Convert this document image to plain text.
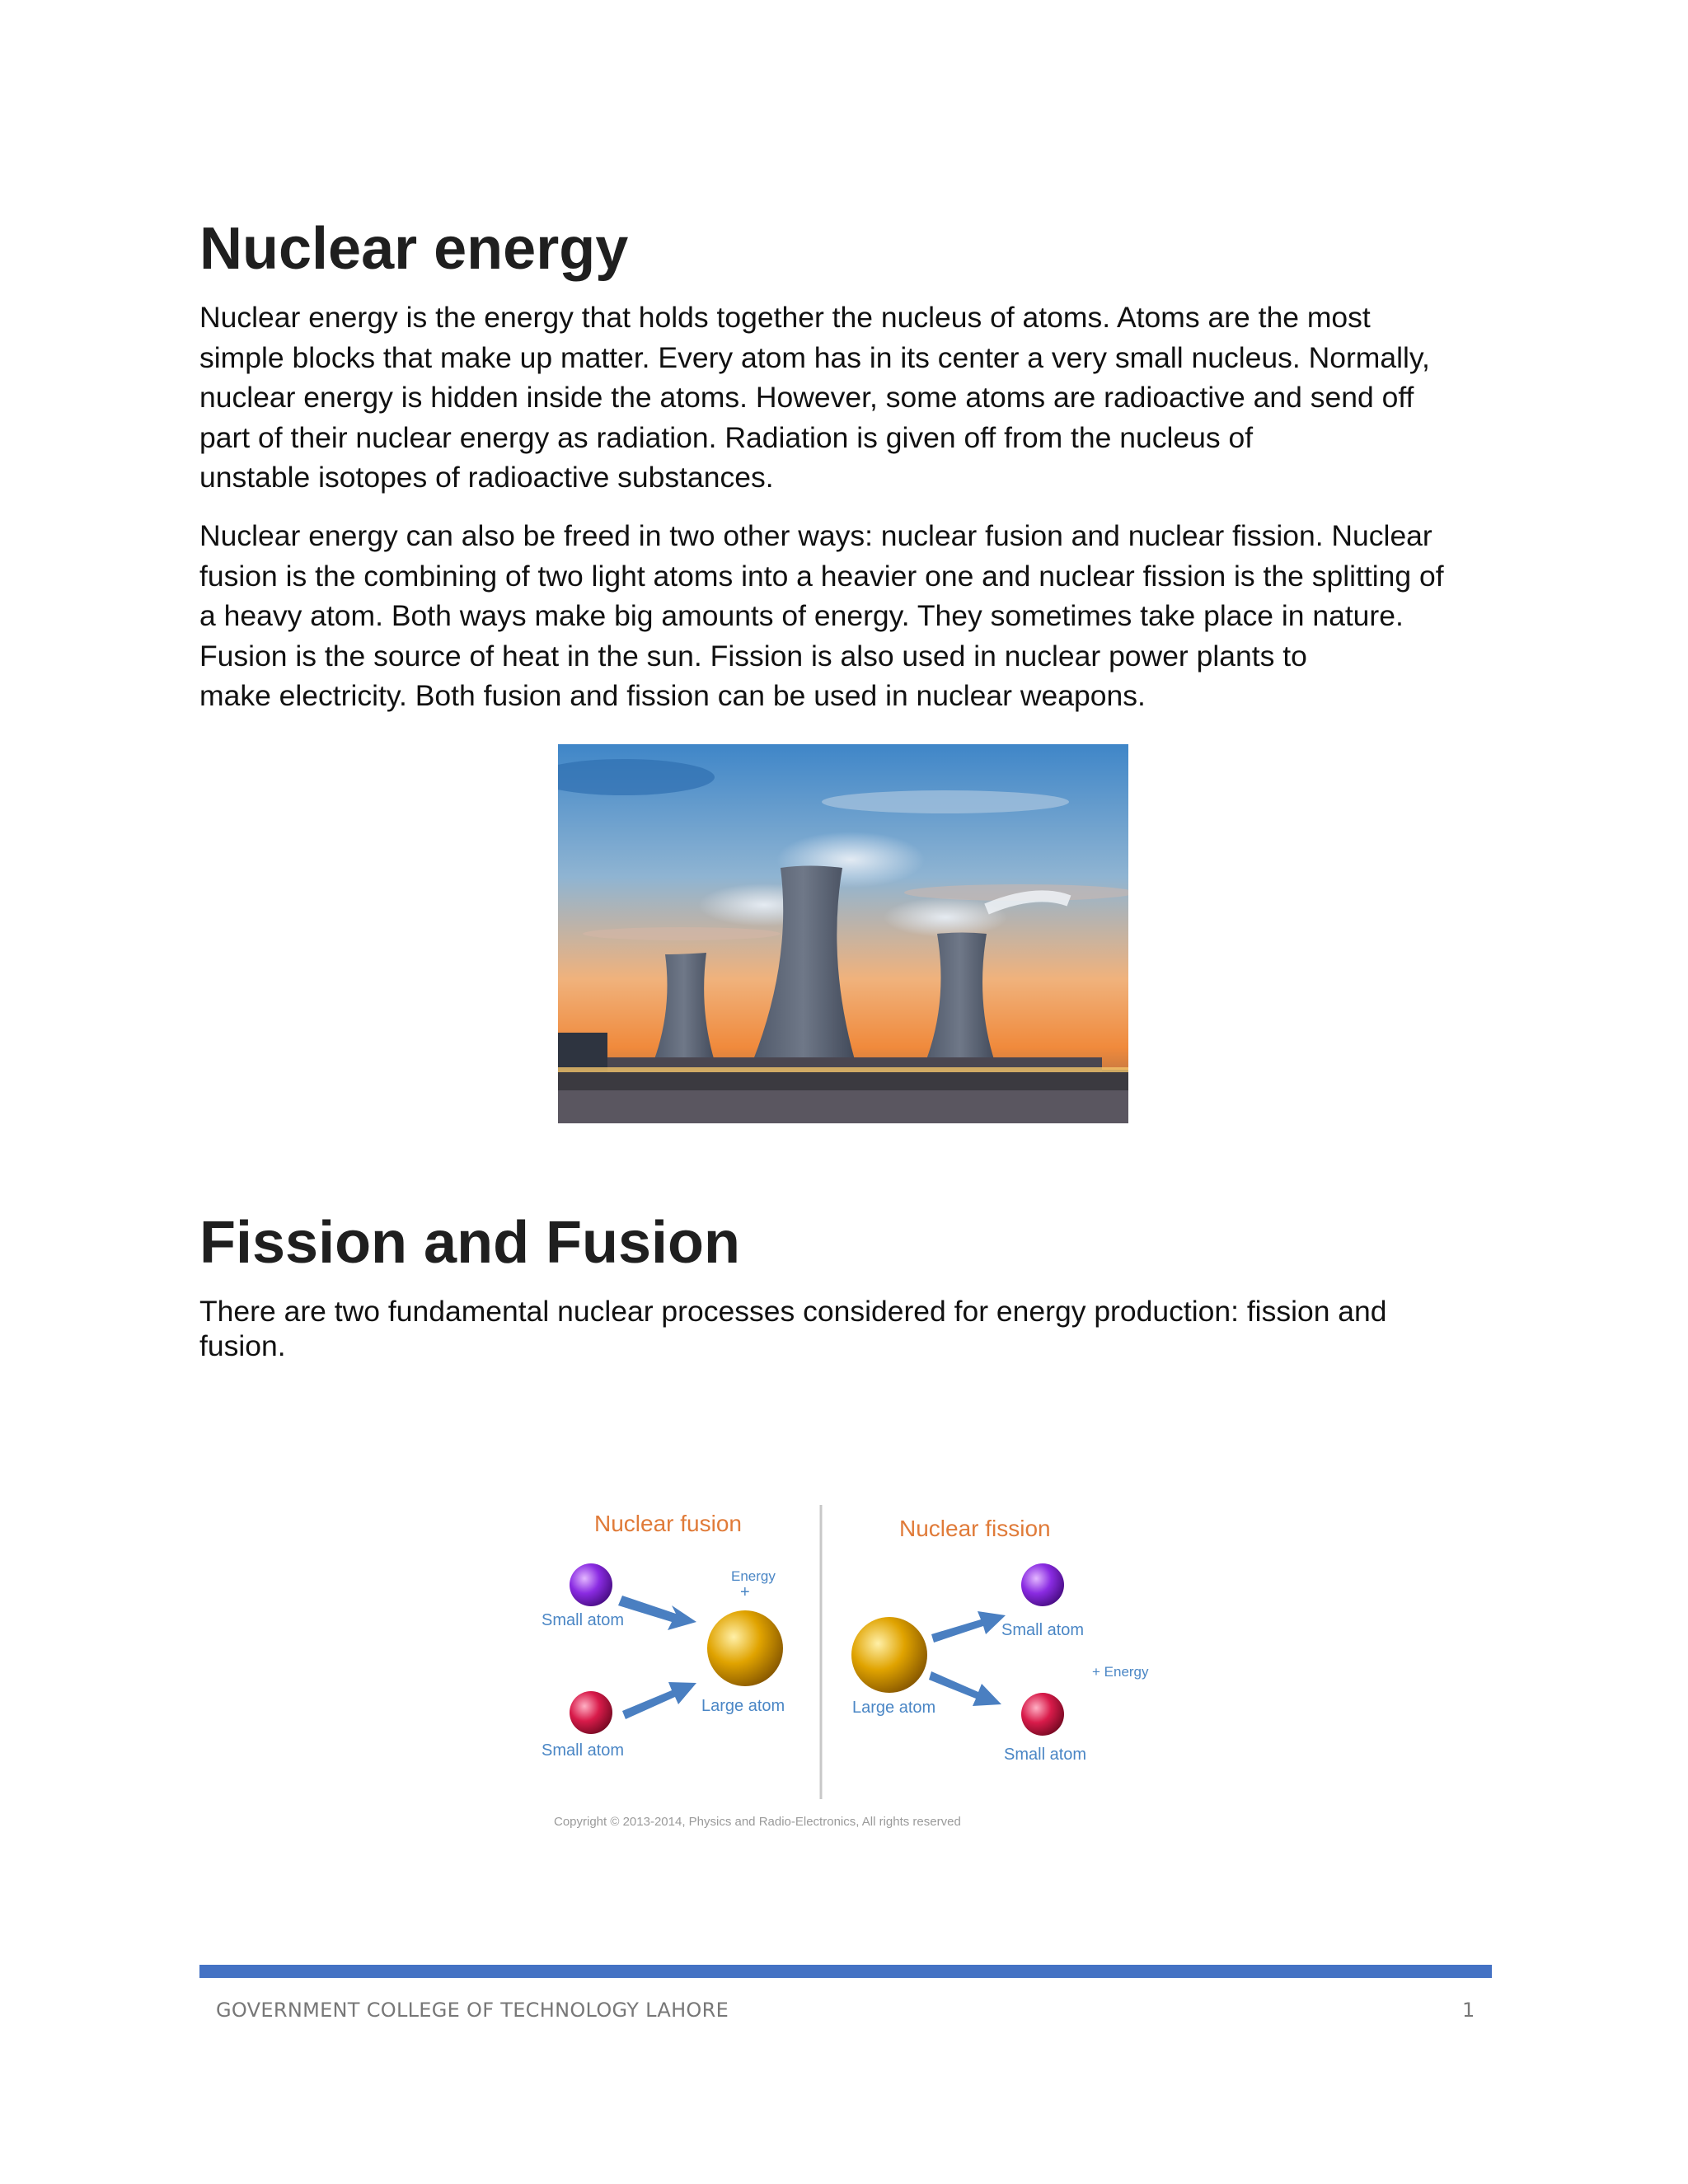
Nuclear energy

Nuclear energy is the energy that holds together the nucleus of atoms. Atoms are the most
simple blocks that make up matter. Every atom has in its center a very small nucleus. Normally,
nuclear energy is hidden inside the atoms. However, some atoms are radioactive and send off
part of their nuclear energy as radiation. Radiation is given off from the nucleus of
unstable isotopes of radioactive substances.

Nuclear energy can also be freed in two other ways: nuclear fusion and nuclear fission. Nuclear
fusion is the combining of two light atoms into a heavier one and nuclear fission is the splitting of
a heavy atom. Both ways make big amounts of energy. They sometimes take place in nature.
Fusion is the source of heat in the sun. Fission is also used in nuclear power plants to
make electricity. Both fusion and fission can be used in nuclear weapons.

Fission and Fusion

There are two fundamental nuclear processes considered for energy production: fission and
fusion.

Nuclear fusion
Energy
+
Small atom
Small atom
Large atom
Nuclear fission
Large atom
Small atom
Small atom
+ Energy
Copyright © 2013-2014, Physics and Radio-Electronics, All rights reserved
GOVERNMENT COLLEGE OF TECHNOLOGY LAHORE	1
